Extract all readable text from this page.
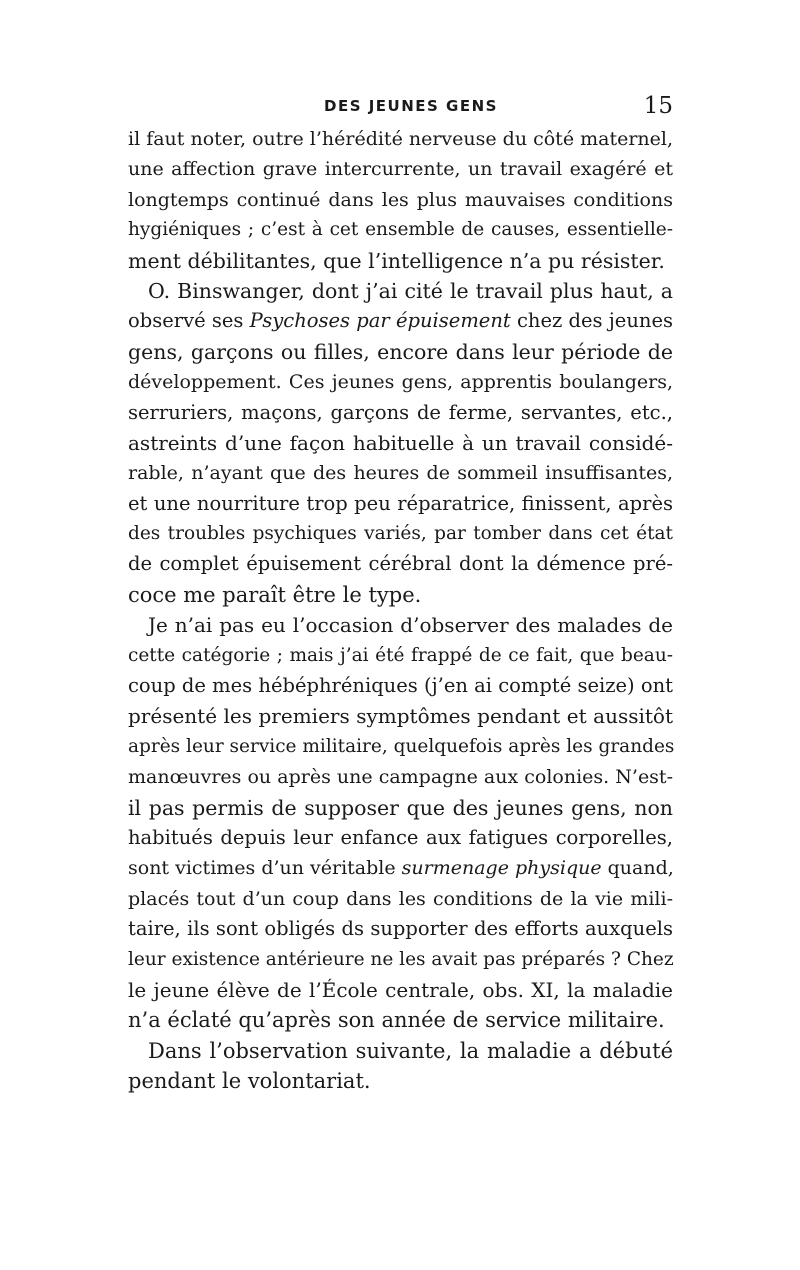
DES JEUNES GENS	15
il faut noter, outre l’hérédité nerveuse du côté maternel,
une affection grave intercurrente, un travail exagéré et
longtemps continué dans les plus mauvaises conditions
hygiéniques ; c’est à cet ensemble de causes, essentielle-
ment débilitantes, que l’intelligence n’a pu résister.
O. Binswanger, dont j’ai cité le travail plus haut, a
observé ses Psychoses par épuisement chez des jeunes
gens, garçons ou filles, encore dans leur période de
développement. Ces jeunes gens, apprentis boulangers,
serruriers, maçons, garçons de ferme, servantes, etc.,
astreints d’une façon habituelle à un travail considé-
rable, n’ayant que des heures de sommeil insuffisantes,
et une nourriture trop peu réparatrice, finissent, après
des troubles psychiques variés, par tomber dans cet état
de complet épuisement cérébral dont la démence pré-
coce me paraît être le type.
Je n’ai pas eu l’occasion d’observer des malades de
cette catégorie ; mais j’ai été frappé de ce fait, que beau-
coup de mes hébéphréniques (j’en ai compté seize) ont
présenté les premiers symptômes pendant et aussitôt
après leur service militaire, quelquefois après les grandes
manœuvres ou après une campagne aux colonies. N’est-
il pas permis de supposer que des jeunes gens, non
habitués depuis leur enfance aux fatigues corporelles,
sont victimes d’un véritable surmenage physique quand,
placés tout d’un coup dans les conditions de la vie mili-
taire, ils sont obligés ds supporter des efforts auxquels
leur existence antérieure ne les avait pas préparés ? Chez
le jeune élève de l’École centrale, obs. XI, la maladie
n’a éclaté qu’après son année de service militaire.
Dans l’observation suivante, la maladie a débuté
pendant le volontariat.
